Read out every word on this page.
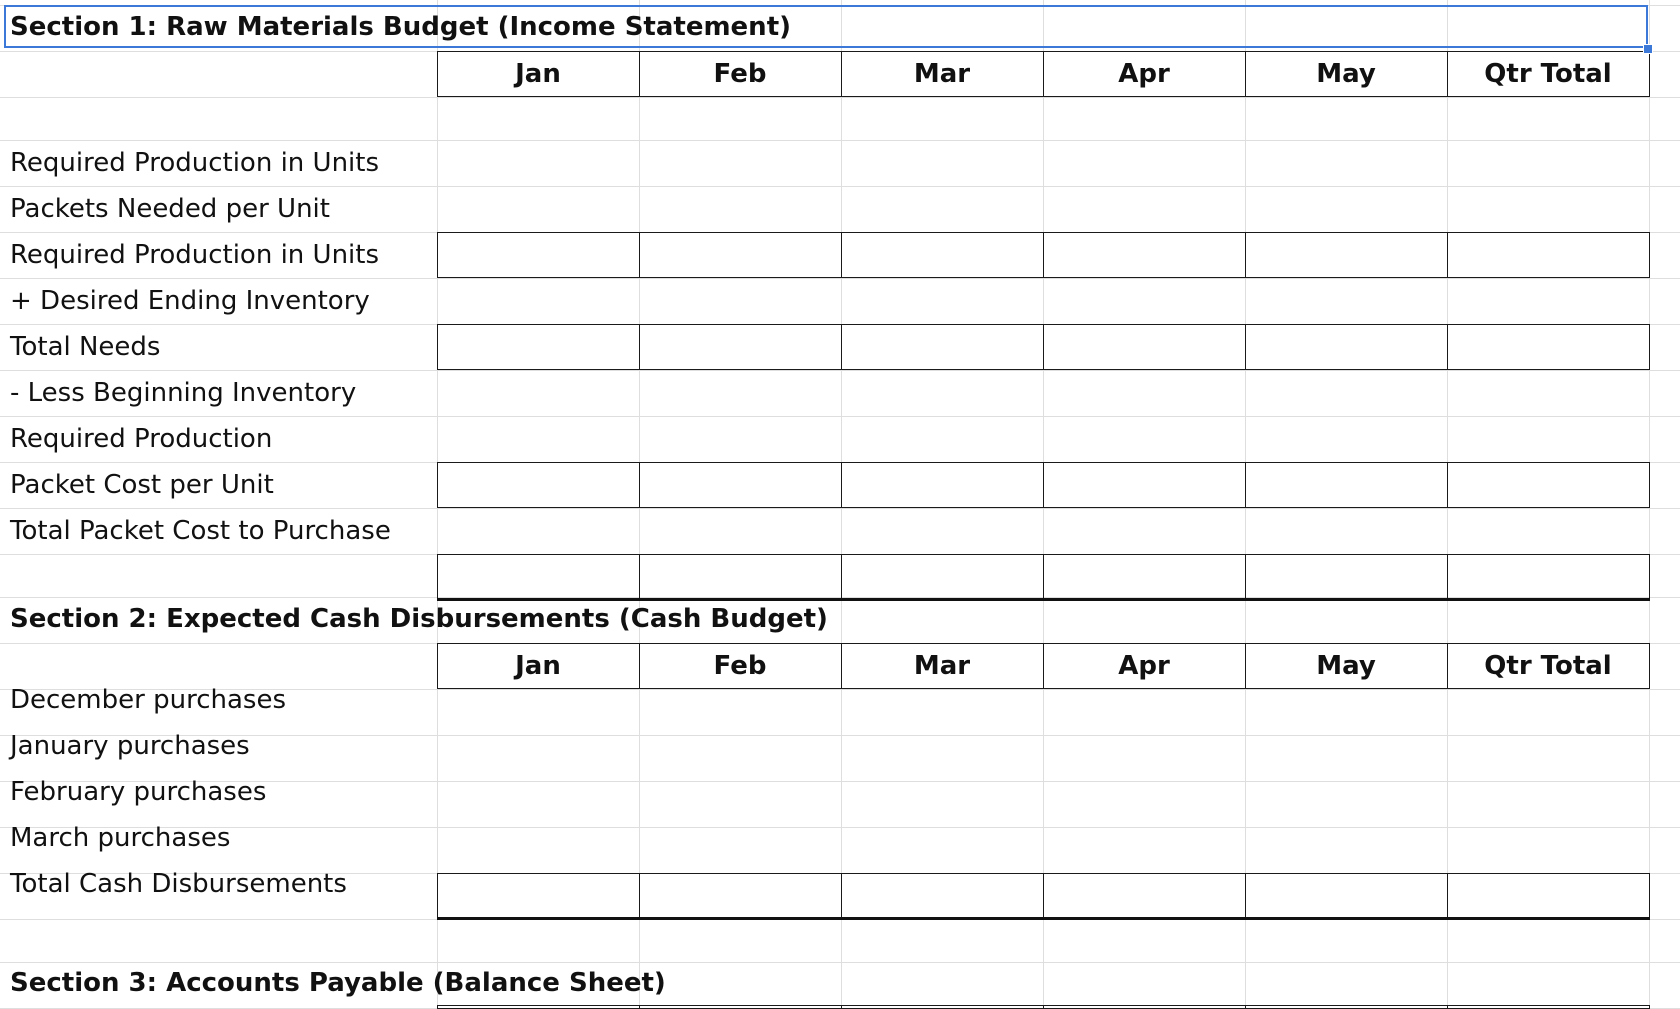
Section 1: Raw Materials Budget (Income Statement)
Jan	Feb	Mar	Apr	May	Qtr Total
Required Production in Units
Packets Needed per Unit
Required Production in Units
+ Desired Ending Inventory
Total Needs
- Less Beginning Inventory
Required Production
Packet Cost per Unit
Total Packet Cost to Purchase
Section 2: Expected Cash Disbursements (Cash Budget)
Jan	Feb	Mar	Apr	May	Qtr Total
December purchases
January purchases
February purchases
March purchases
Total Cash Disbursements
Section 3: Accounts Payable (Balance Sheet)
